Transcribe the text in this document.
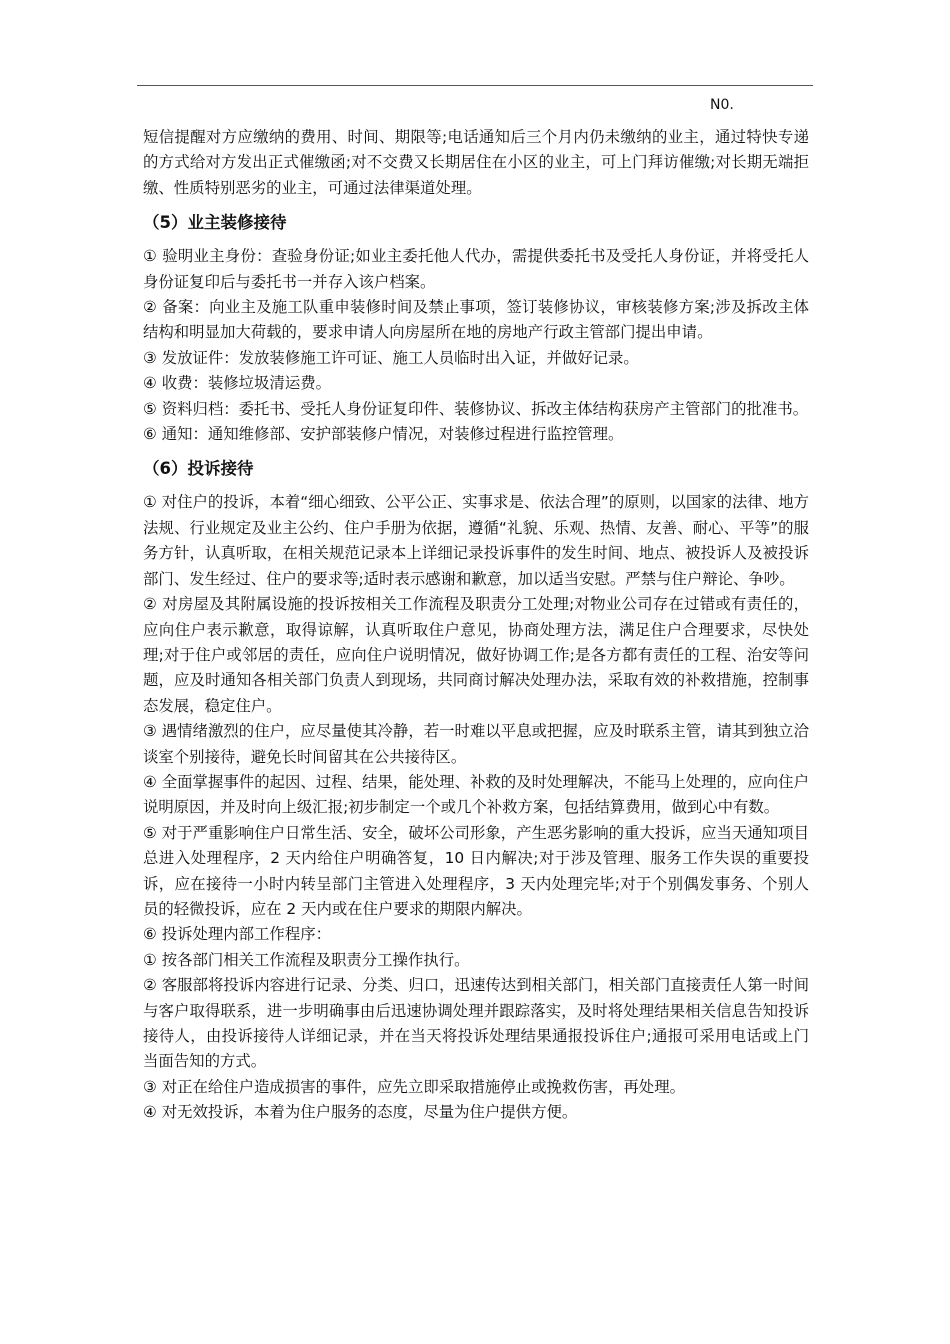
N0.

短信提醒对方应缴纳的费用、时间、期限等;电话通知后三个月内仍未缴纳的业主，通过特快专递的方式给对方发出正式催缴函;对不交费又长期居住在小区的业主，可上门拜访催缴;对长期无端拒缴、性质特别恶劣的业主，可通过法律渠道处理。

（5）业主装修接待

① 验明业主身份：查验身份证;如业主委托他人代办，需提供委托书及受托人身份证，并将受托人身份证复印后与委托书一并存入该户档案。

② 备案：向业主及施工队重申装修时间及禁止事项，签订装修协议，审核装修方案;涉及拆改主体结构和明显加大荷载的，要求申请人向房屋所在地的房地产行政主管部门提出申请。

③ 发放证件：发放装修施工许可证、施工人员临时出入证，并做好记录。

④ 收费：装修垃圾清运费。

⑤ 资料归档：委托书、受托人身份证复印件、装修协议、拆改主体结构获房产主管部门的批准书。

⑥ 通知：通知维修部、安护部装修户情况，对装修过程进行监控管理。

（6）投诉接待

① 对住户的投诉，本着“细心细致、公平公正、实事求是、依法合理”的原则，以国家的法律、地方法规、行业规定及业主公约、住户手册为依据，遵循“礼貌、乐观、热情、友善、耐心、平等”的服务方针，认真听取，在相关规范记录本上详细记录投诉事件的发生时间、地点、被投诉人及被投诉部门、发生经过、住户的要求等;适时表示感谢和歉意，加以适当安慰。严禁与住户辩论、争吵。

② 对房屋及其附属设施的投诉按相关工作流程及职责分工处理;对物业公司存在过错或有责任的，应向住户表示歉意，取得谅解，认真听取住户意见，协商处理方法，满足住户合理要求，尽快处理;对于住户或邻居的责任，应向住户说明情况，做好协调工作;是各方都有责任的工程、治安等问题，应及时通知各相关部门负责人到现场，共同商讨解决处理办法，采取有效的补救措施，控制事态发展，稳定住户。

③ 遇情绪激烈的住户，应尽量使其冷静，若一时难以平息或把握，应及时联系主管，请其到独立洽谈室个别接待，避免长时间留其在公共接待区。

④ 全面掌握事件的起因、过程、结果，能处理、补救的及时处理解决，不能马上处理的，应向住户说明原因，并及时向上级汇报;初步制定一个或几个补救方案，包括结算费用，做到心中有数。

⑤ 对于严重影响住户日常生活、安全，破坏公司形象，产生恶劣影响的重大投诉，应当天通知项目总进入处理程序，2 天内给住户明确答复，10 日内解决;对于涉及管理、服务工作失误的重要投诉，应在接待一小时内转呈部门主管进入处理程序，3 天内处理完毕;对于个别偶发事务、个别人员的轻微投诉，应在 2 天内或在住户要求的期限内解决。

⑥ 投诉处理内部工作程序：

① 按各部门相关工作流程及职责分工操作执行。

② 客服部将投诉内容进行记录、分类、归口，迅速传达到相关部门，相关部门直接责任人第一时间与客户取得联系，进一步明确事由后迅速协调处理并跟踪落实，及时将处理结果相关信息告知投诉接待人，由投诉接待人详细记录，并在当天将投诉处理结果通报投诉住户;通报可采用电话或上门当面告知的方式。

③ 对正在给住户造成损害的事件，应先立即采取措施停止或挽救伤害，再处理。

④ 对无效投诉，本着为住户服务的态度，尽量为住户提供方便。
